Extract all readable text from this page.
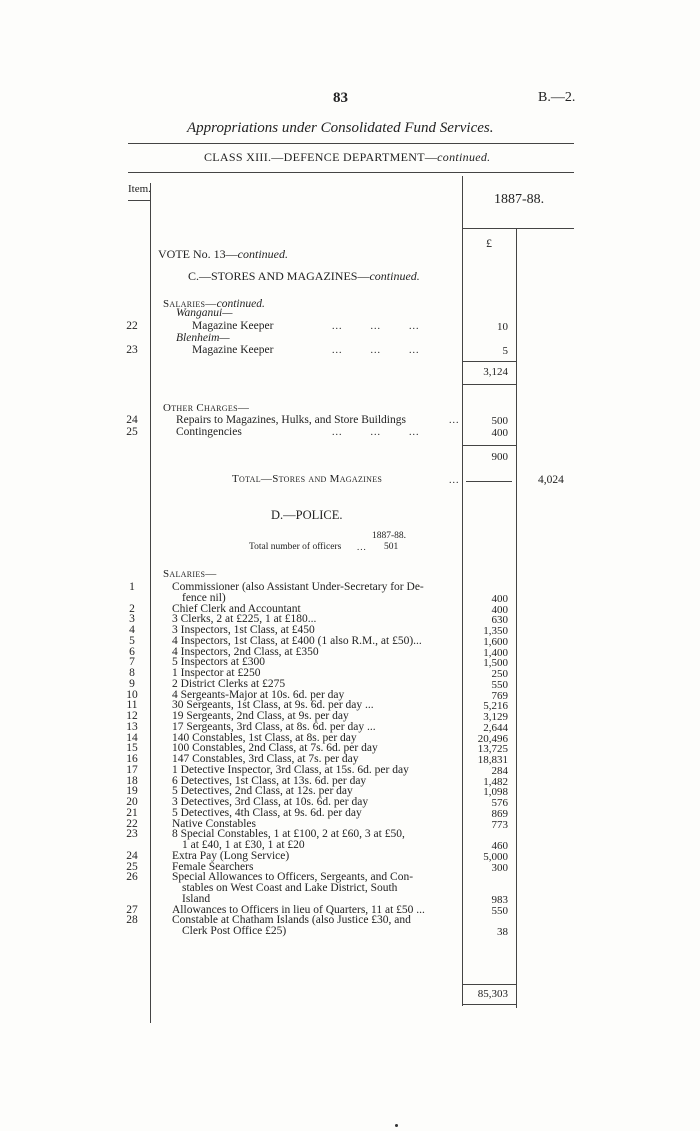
83	B.—2.
Appropriations under Consolidated Fund Services.
CLASS XIII.—DEFENCE DEPARTMENT—continued.
Item.
1887-88.
£
VOTE No. 13—continued.
C.—STORES AND MAGAZINES—continued.
Salaries—continued.
Wanganui—
22	Magazine Keeper	...        ...        ...	10
Blenheim—
23	Magazine Keeper	...        ...        ...	5
3,124
Other Charges—
24	Repairs to Magazines, Hulks, and Store Buildings	...	500
25	Contingencies	...        ...        ...	400
900
Total—Stores and Magazines	...	4,024
D.—POLICE.
1887-88.
Total number of officers ... 501
Salaries—
1	Commissioner (also Assistant Under-Secretary for De-
fence nil)	400
2	Chief Clerk and Accountant	400
3	3 Clerks, 2 at £225, 1 at £180...	630
4	3 Inspectors, 1st Class, at £450	1,350
5	4 Inspectors, 1st Class, at £400 (1 also R.M., at £50)...	1,600
6	4 Inspectors, 2nd Class, at £350	1,400
7	5 Inspectors at £300	1,500
8	1 Inspector at £250	250
9	2 District Clerks at £275	550
10	4 Sergeants-Major at 10s. 6d. per day	769
11	30 Sergeants, 1st Class, at 9s. 6d. per day ...	5,216
12	19 Sergeants, 2nd Class, at 9s. per day	3,129
13	17 Sergeants, 3rd Class, at 8s. 6d. per day ...	2,644
14	140 Constables, 1st Class, at 8s. per day	20,496
15	100 Constables, 2nd Class, at 7s. 6d. per day	13,725
16	147 Constables, 3rd Class, at 7s. per day	18,831
17	1 Detective Inspector, 3rd Class, at 15s. 6d. per day	284
18	6 Detectives, 1st Class, at 13s. 6d. per day	1,482
19	5 Detectives, 2nd Class, at 12s. per day	1,098
20	3 Detectives, 3rd Class, at 10s. 6d. per day	576
21	5 Detectives, 4th Class, at 9s. 6d. per day	869
22	Native Constables	773
23	8 Special Constables, 1 at £100, 2 at £60, 3 at £50,
1 at £40, 1 at £30, 1 at £20	460
24	Extra Pay (Long Service)	5,000
25	Female Searchers	300
26	Special Allowances to Officers, Sergeants, and Con-
stables on West Coast and Lake District, South
Island	983
27	Allowances to Officers in lieu of Quarters, 11 at £50 ...	550
28	Constable at Chatham Islands (also Justice £30, and
Clerk Post Office £25)	38
85,303
